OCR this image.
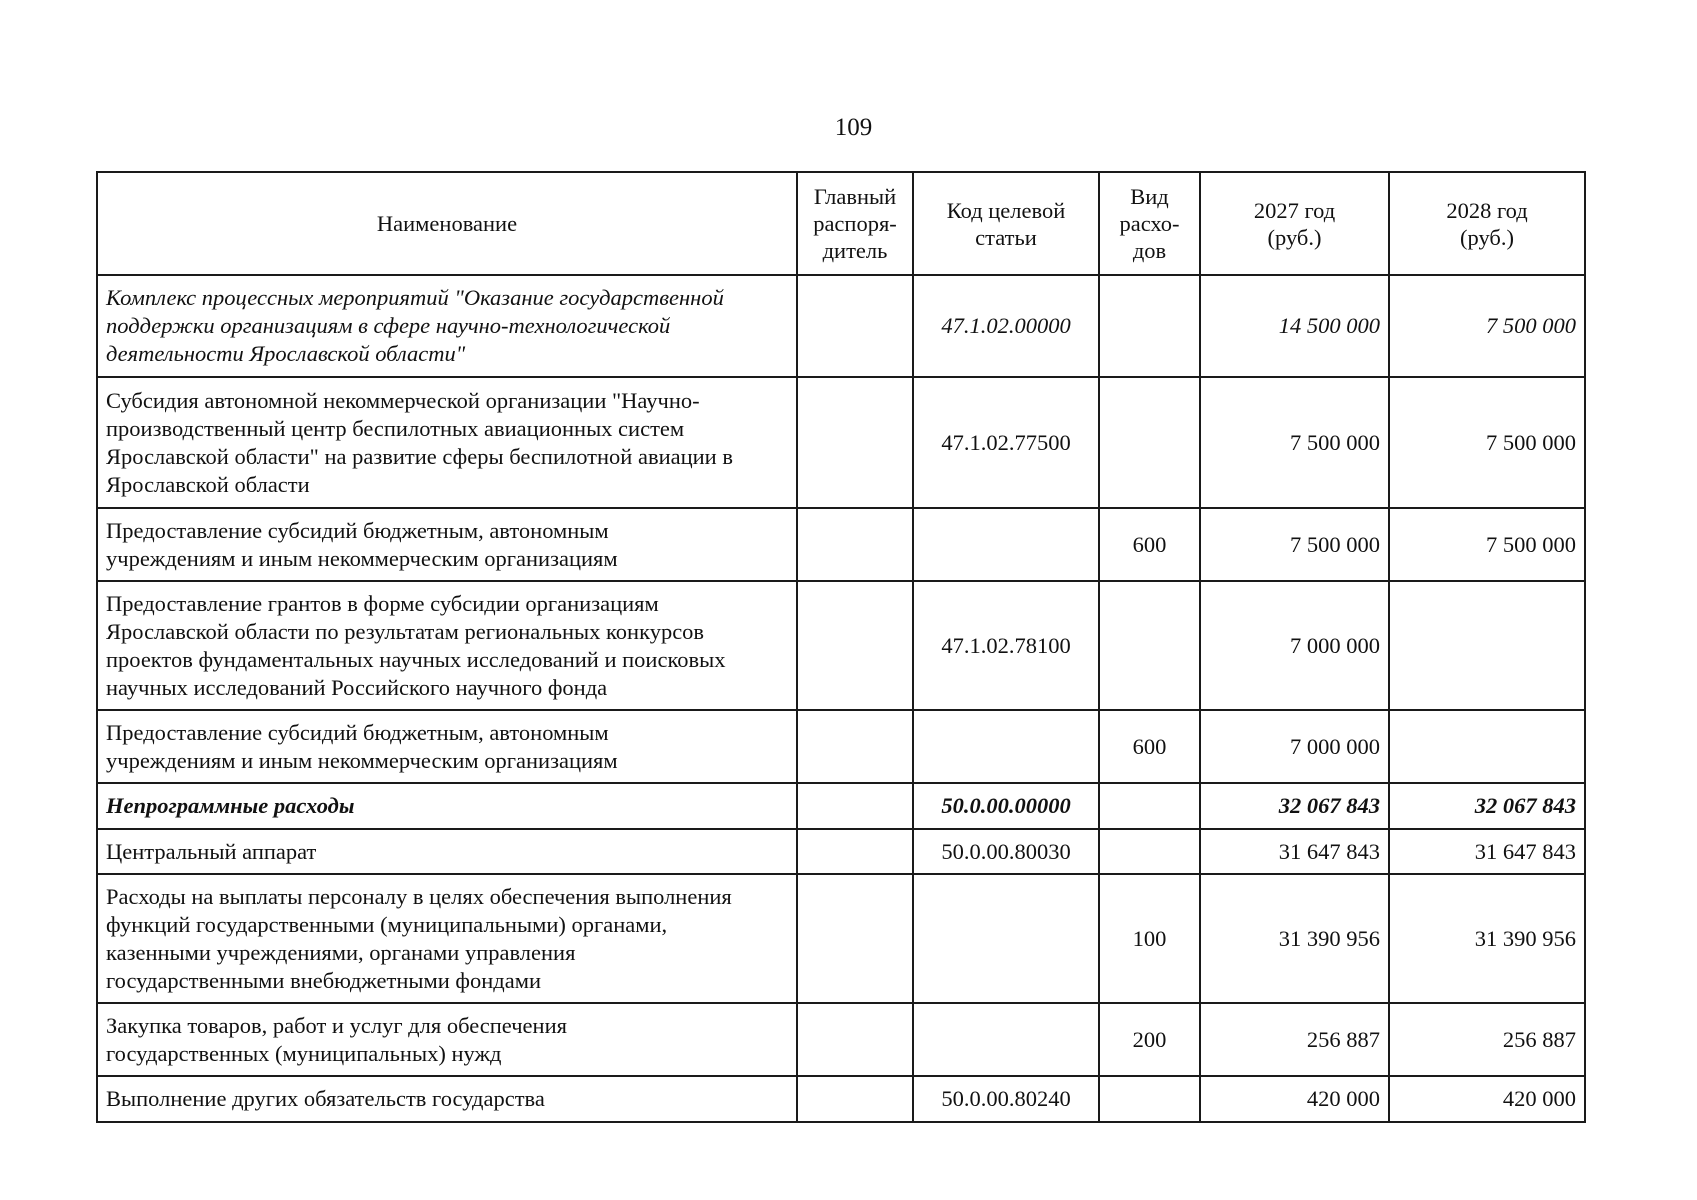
109
Наименование	Главный
распоря-
дитель	Код целевой
статьи	Вид
расхо-
дов	2027 год
(руб.)	2028 год
(руб.)
Комплекс процессных мероприятий "Оказание государственной
поддержки организациям в сфере научно-технологической
деятельности Ярославской области"		47.1.02.00000		14 500 000	7 500 000
Субсидия автономной некоммерческой организации "Научно-
производственный центр беспилотных авиационных систем
Ярославской области" на развитие сферы беспилотной авиации в
Ярославской области		47.1.02.77500		7 500 000	7 500 000
Предоставление субсидий бюджетным, автономным
учреждениям и иным некоммерческим организациям			600	7 500 000	7 500 000
Предоставление грантов в форме субсидии организациям
Ярославской области по результатам региональных конкурсов
проектов фундаментальных научных исследований и поисковых
научных исследований Российского научного фонда		47.1.02.78100		7 000 000	
Предоставление субсидий бюджетным, автономным
учреждениям и иным некоммерческим организациям			600	7 000 000	
Непрограммные расходы		50.0.00.00000		32 067 843	32 067 843
Центральный аппарат		50.0.00.80030		31 647 843	31 647 843
Расходы на выплаты персоналу в целях обеспечения выполнения
функций государственными (муниципальными) органами,
казенными учреждениями, органами управления
государственными внебюджетными фондами			100	31 390 956	31 390 956
Закупка товаров, работ и услуг для обеспечения
государственных (муниципальных) нужд			200	256 887	256 887
Выполнение других обязательств государства		50.0.00.80240		420 000	420 000
